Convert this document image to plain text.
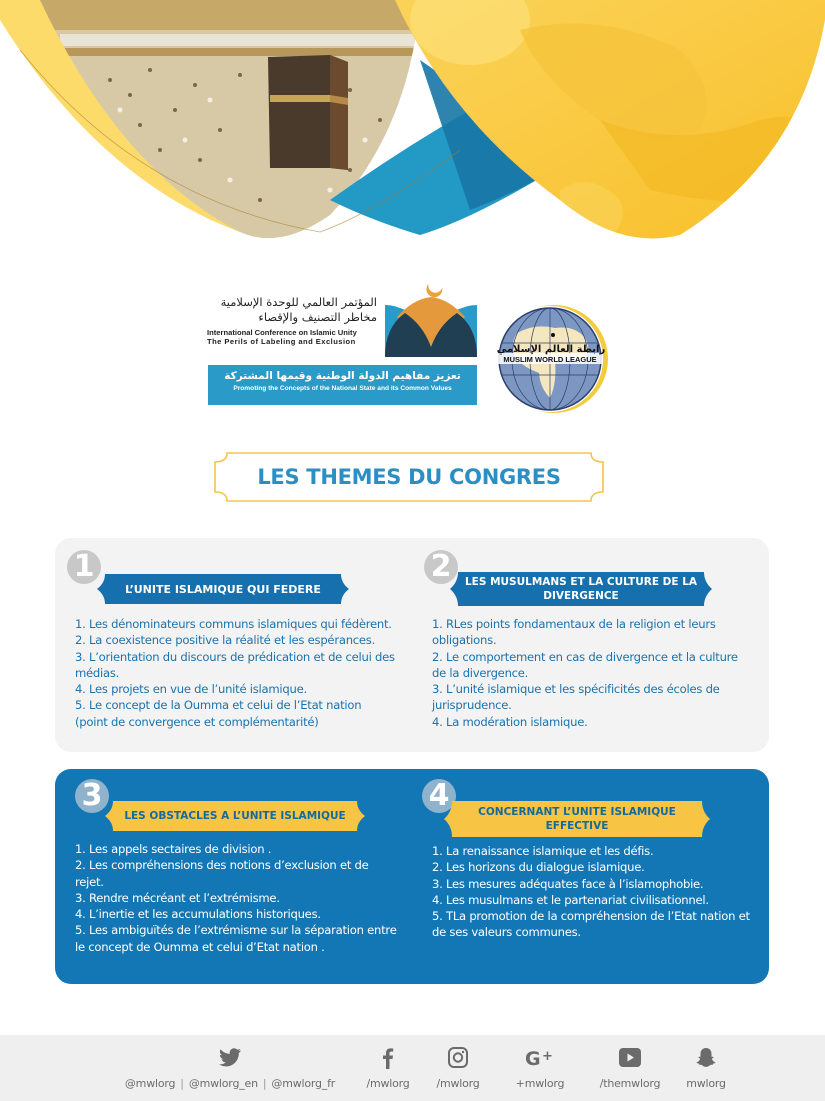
المؤتمر العالمي للوحدة الإسلامية
مخاطر التصنيف والإقصاء
International Conference on Islamic Unity
The Perils of Labeling and Exclusion
تعزيز مفاهيم الدولة الوطنية وقيمها المشتركة
Promoting the Concepts of the National State and its Common Values
رابطة العالم الإسلامي
MUSLIM WORLD LEAGUE
LES THEMES DU CONGRES
1
L’UNITE ISLAMIQUE QUI FEDERE
1. Les dénominateurs communs islamiques qui fédèrent.
2. La coexistence positive la réalité et les espérances.
3. L’orientation du discours de prédication et de celui des médias.
4. Les projets en vue de l’unité islamique.
5. Le concept de la Oumma et celui de l’Etat nation (point de convergence et complémentarité)
2	LES MUSULMANS ET LA CULTURE DE LA DIVERGENCE
1. RLes points fondamentaux de la religion et leurs obligations.
2. Le comportement en cas de divergence et la culture de la divergence.
3. L’unité islamique et les spécificités des écoles de jurisprudence.
4. La modération islamique.
3
LES OBSTACLES A L’UNITE ISLAMIQUE
1. Les appels sectaires de division .
2. Les compréhensions des notions d’exclusion et de rejet.
3. Rendre mécréant et l’extrémisme.
4. L’inertie et les accumulations historiques.
5. Les ambiguïtés de l’extrémisme sur la séparation entre le concept de Oumma et celui d’Etat nation .
4	CONCERNANT L’UNITE ISLAMIQUE EFFECTIVE
1. La renaissance islamique et les défis.
2. Les horizons du dialogue islamique.
3. Les mesures adéquates face à l’islamophobie.
4. Les musulmans et le partenariat civilisationnel.
5. TLa promotion de la compréhension de l’Etat nation et de ses valeurs communes.
@mwlorg | @mwlorg_en | @mwlorg_fr	/mwlorg	/mwlorg
G +
+mwlorg	/themwlorg	mwlorg
